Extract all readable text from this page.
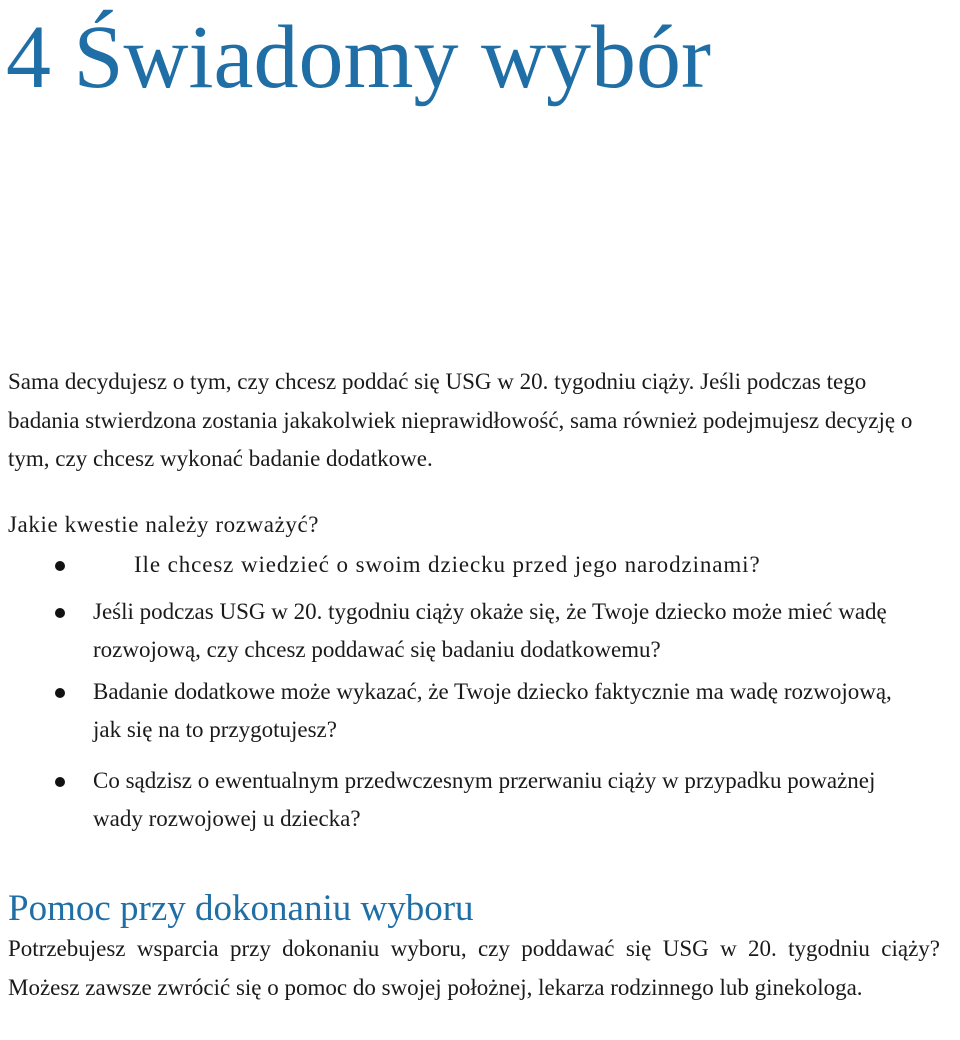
4 Świadomy wybór

Sama decydujesz o tym, czy chcesz poddać się USG w 20. tygodniu ciąży. Jeśli podczas tego badania stwierdzona zostania jakakolwiek nieprawidłowość, sama również podejmujesz decyzję o tym, czy chcesz wykonać badanie dodatkowe.

Jakie kwestie należy rozważyć?

Ile chcesz wiedzieć o swoim dziecku przed jego narodzinami?
Jeśli podczas USG w 20. tygodniu ciąży okaże się, że Twoje dziecko może mieć wadę rozwojową, czy chcesz poddawać się badaniu dodatkowemu?
Badanie dodatkowe może wykazać, że Twoje dziecko faktycznie ma wadę rozwojową, jak się na to przygotujesz?
Co sądzisz o ewentualnym przedwczesnym przerwaniu ciąży w przypadku poważnej wady rozwojowej u dziecka?
Pomoc przy dokonaniu wyboru

Potrzebujesz wsparcia przy dokonaniu wyboru, czy poddawać się USG w 20. tygodniu ciąży? Możesz zawsze zwrócić się o pomoc do swojej położnej, lekarza rodzinnego lub ginekologa.
